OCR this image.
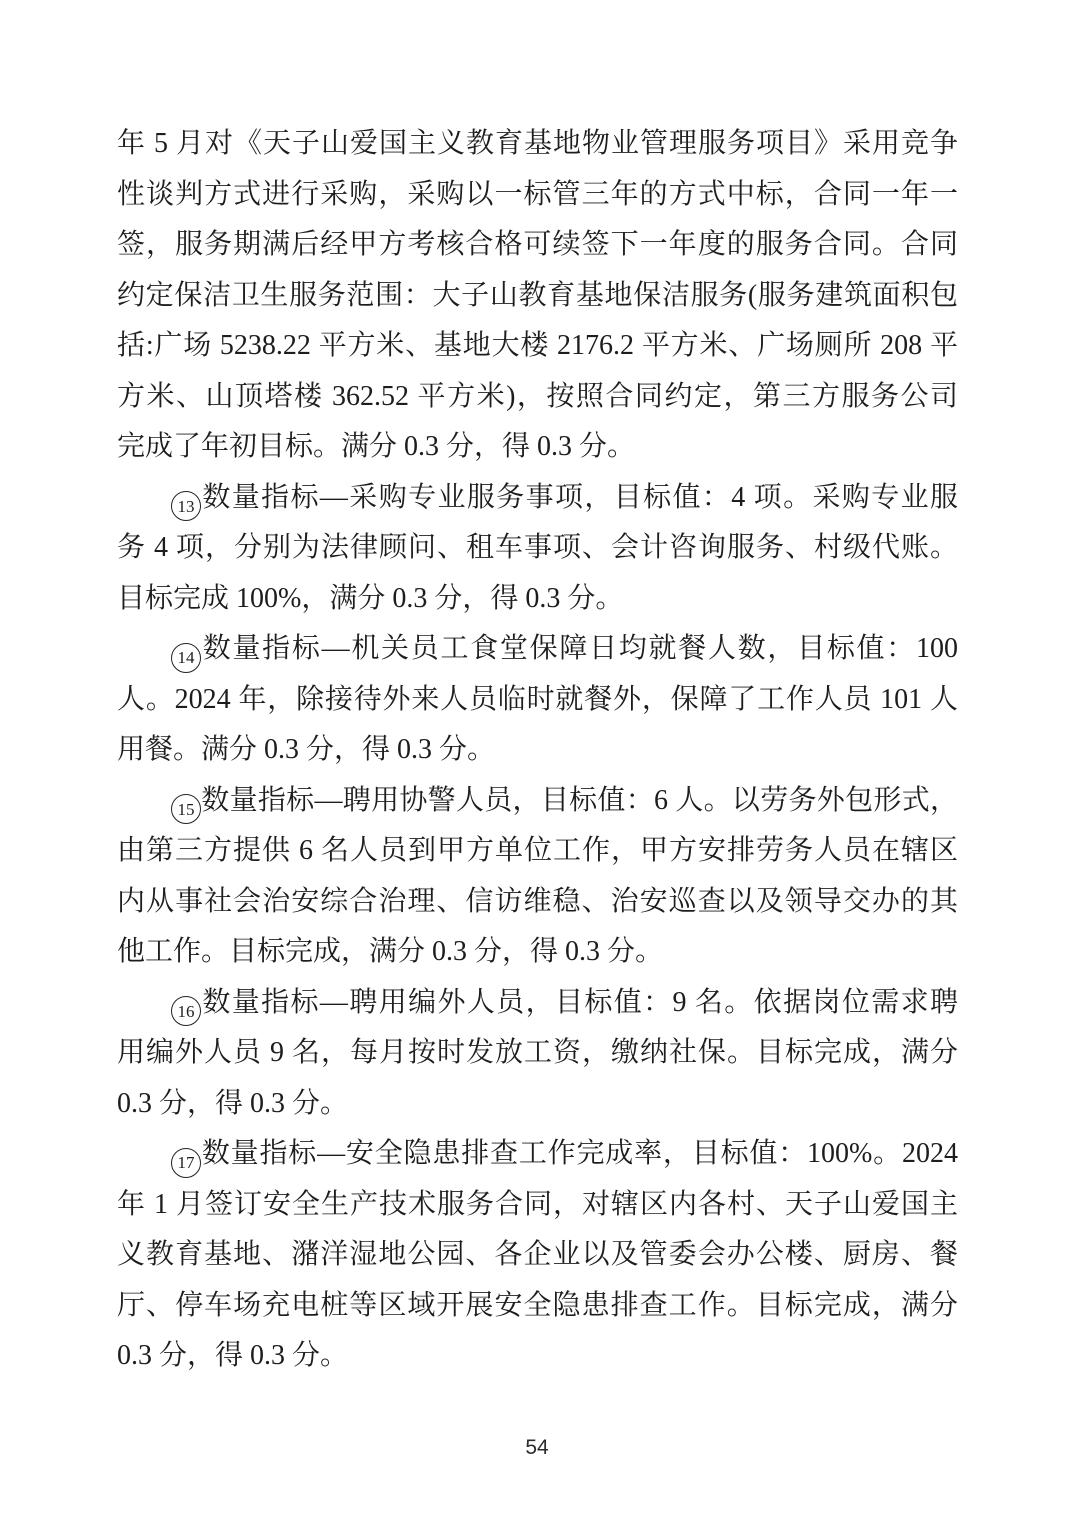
年 5 月对《天子山爱国主义教育基地物业管理服务项目》采用竞争
性谈判方式进行采购，采购以一标管三年的方式中标，合同一年一
签，服务期满后经甲方考核合格可续签下一年度的服务合同。合同
约定保洁卫生服务范围：大子山教育基地保洁服务(服务建筑面积包
括:广场 5238.22 平方米、基地大楼 2176.2 平方米、广场厕所 208 平
方米、山顶塔楼 362.52 平方米)，按照合同约定，第三方服务公司
完成了年初目标。满分 0.3 分，得 0.3 分。
13 数量指标—采购专业服务事项，目标值：4 项。采购专业服
务 4 项，分别为法律顾问、租车事项、会计咨询服务、村级代账。
目标完成 100%，满分 0.3 分，得 0.3 分。
14 数量指标—机关员工食堂保障日均就餐人数，目标值：100
人。2024 年，除接待外来人员临时就餐外，保障了工作人员 101 人
用餐。满分 0.3 分，得 0.3 分。
15 数量指标—聘用协警人员，目标值：6 人。以劳务外包形式，
由第三方提供 6 名人员到甲方单位工作，甲方安排劳务人员在辖区
内从事社会治安综合治理、信访维稳、治安巡查以及领导交办的其
他工作。目标完成，满分 0.3 分，得 0.3 分。
16 数量指标—聘用编外人员，目标值：9 名。依据岗位需求聘
用编外人员 9 名，每月按时发放工资，缴纳社保。目标完成，满分
0.3 分，得 0.3 分。
17 数量指标—安全隐患排查工作完成率，目标值：100%。2024
年 1 月签订安全生产技术服务合同，对辖区内各村、天子山爱国主
义教育基地、潴洋湿地公园、各企业以及管委会办公楼、厨房、餐
厅、停车场充电桩等区域开展安全隐患排查工作。目标完成，满分
0.3 分，得 0.3 分。
54
